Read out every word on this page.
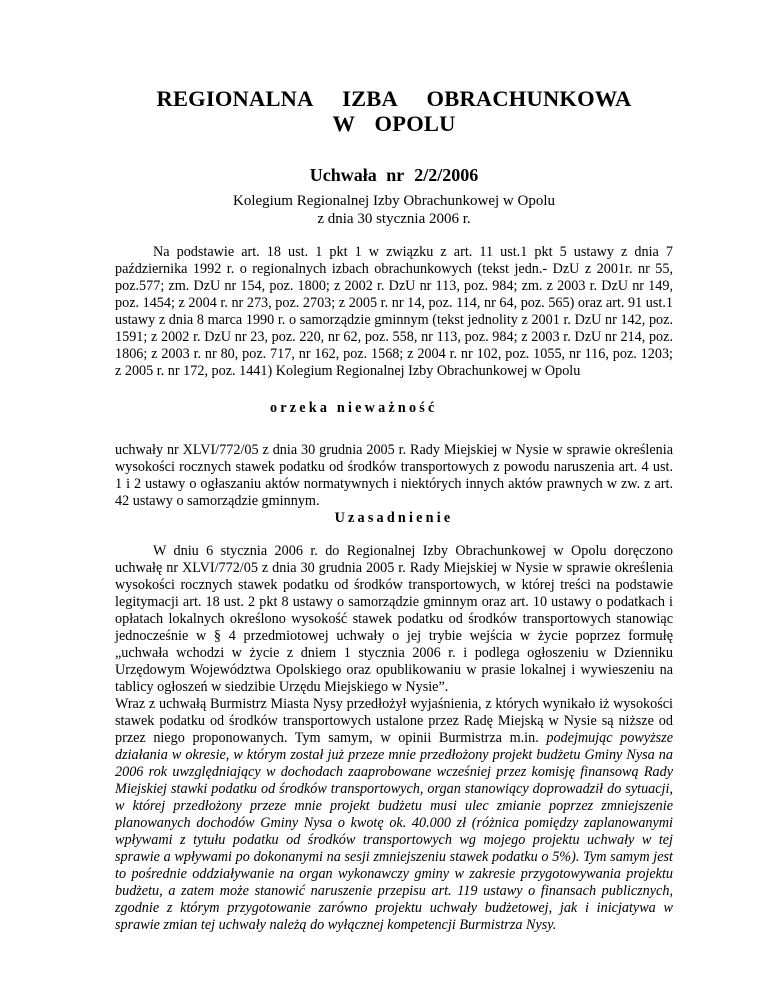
REGIONALNA IZBA OBRACHUNKOWA
W OPOLU
Uchwała nr 2/2/2006
Kolegium Regionalnej Izby Obrachunkowej w Opolu
z dnia 30 stycznia 2006 r.

Na podstawie art. 18 ust. 1 pkt 1 w związku z art. 11 ust.1 pkt 5 ustawy z dnia 7 października 1992 r. o regionalnych izbach obrachunkowych (tekst jedn.- DzU z 2001r. nr 55, poz.577; zm. DzU nr 154, poz. 1800; z 2002 r. DzU nr 113, poz. 984; zm. z 2003 r. DzU nr 149, poz. 1454; z 2004 r. nr 273, poz. 2703; z 2005 r. nr 14, poz. 114, nr 64, poz. 565) oraz art. 91 ust.1 ustawy z dnia 8 marca 1990 r. o samorządzie gminnym (tekst jednolity z 2001 r. DzU nr 142, poz. 1591; z 2002 r. DzU nr 23, poz. 220, nr 62, poz. 558, nr 113, poz. 984; z 2003 r. DzU nr 214, poz. 1806; z 2003 r. nr 80, poz. 717, nr 162, poz. 1568; z 2004 r. nr 102, poz. 1055, nr 116, poz. 1203; z 2005 r. nr 172, poz. 1441) Kolegium Regionalnej Izby Obrachunkowej w Opolu

orzeka nieważność

uchwały nr XLVI/772/05 z dnia 30 grudnia 2005 r. Rady Miejskiej w Nysie w sprawie określenia wysokości rocznych stawek podatku od środków transportowych z powodu naruszenia art. 4 ust. 1 i 2 ustawy o ogłaszaniu aktów normatywnych i niektórych innych aktów prawnych w zw. z art. 42 ustawy o samorządzie gminnym.

Uzasadnienie

W dniu 6 stycznia 2006 r. do Regionalnej Izby Obrachunkowej w Opolu doręczono uchwałę nr XLVI/772/05 z dnia 30 grudnia 2005 r. Rady Miejskiej w Nysie w sprawie określenia wysokości rocznych stawek podatku od środków transportowych, w której treści na podstawie legitymacji art. 18 ust. 2 pkt 8 ustawy o samorządzie gminnym oraz art. 10 ustawy o podatkach i opłatach lokalnych określono wysokość stawek podatku od środków transportowych stanowiąc jednocześnie w § 4 przedmiotowej uchwały o jej trybie wejścia w życie poprzez formułę „uchwała wchodzi w życie z dniem 1 stycznia 2006 r. i podlega ogłoszeniu w Dzienniku Urzędowym Województwa Opolskiego oraz opublikowaniu w prasie lokalnej i wywieszeniu na tablicy ogłoszeń w siedzibie Urzędu Miejskiego w Nysie”.

Wraz z uchwałą Burmistrz Miasta Nysy przedłożył wyjaśnienia, z których wynikało iż wysokości stawek podatku od środków transportowych ustalone przez Radę Miejską w Nysie są niższe od przez niego proponowanych. Tym samym, w opinii Burmistrza m.in. podejmując powyższe działania w okresie, w którym został już przeze mnie przedłożony projekt budżetu Gminy Nysa na 2006 rok uwzględniający w dochodach zaaprobowane wcześniej przez komisję finansową Rady Miejskiej stawki podatku od środków transportowych, organ stanowiący doprowadził do sytuacji, w której przedłożony przeze mnie projekt budżetu musi ulec zmianie poprzez zmniejszenie planowanych dochodów Gminy Nysa o kwotę ok. 40.000 zł (różnica pomiędzy zaplanowanymi wpływami z tytułu podatku od środków transportowych wg mojego projektu uchwały w tej sprawie a wpływami po dokonanymi na sesji zmniejszeniu stawek podatku o 5%). Tym samym jest to pośrednie oddziaływanie na organ wykonawczy gminy w zakresie przygotowywania projektu budżetu, a zatem może stanowić naruszenie przepisu art. 119 ustawy o finansach publicznych, zgodnie z którym przygotowanie zarówno projektu uchwały budżetowej, jak i inicjatywa w sprawie zmian tej uchwały należą do wyłącznej kompetencji Burmistrza Nysy.
